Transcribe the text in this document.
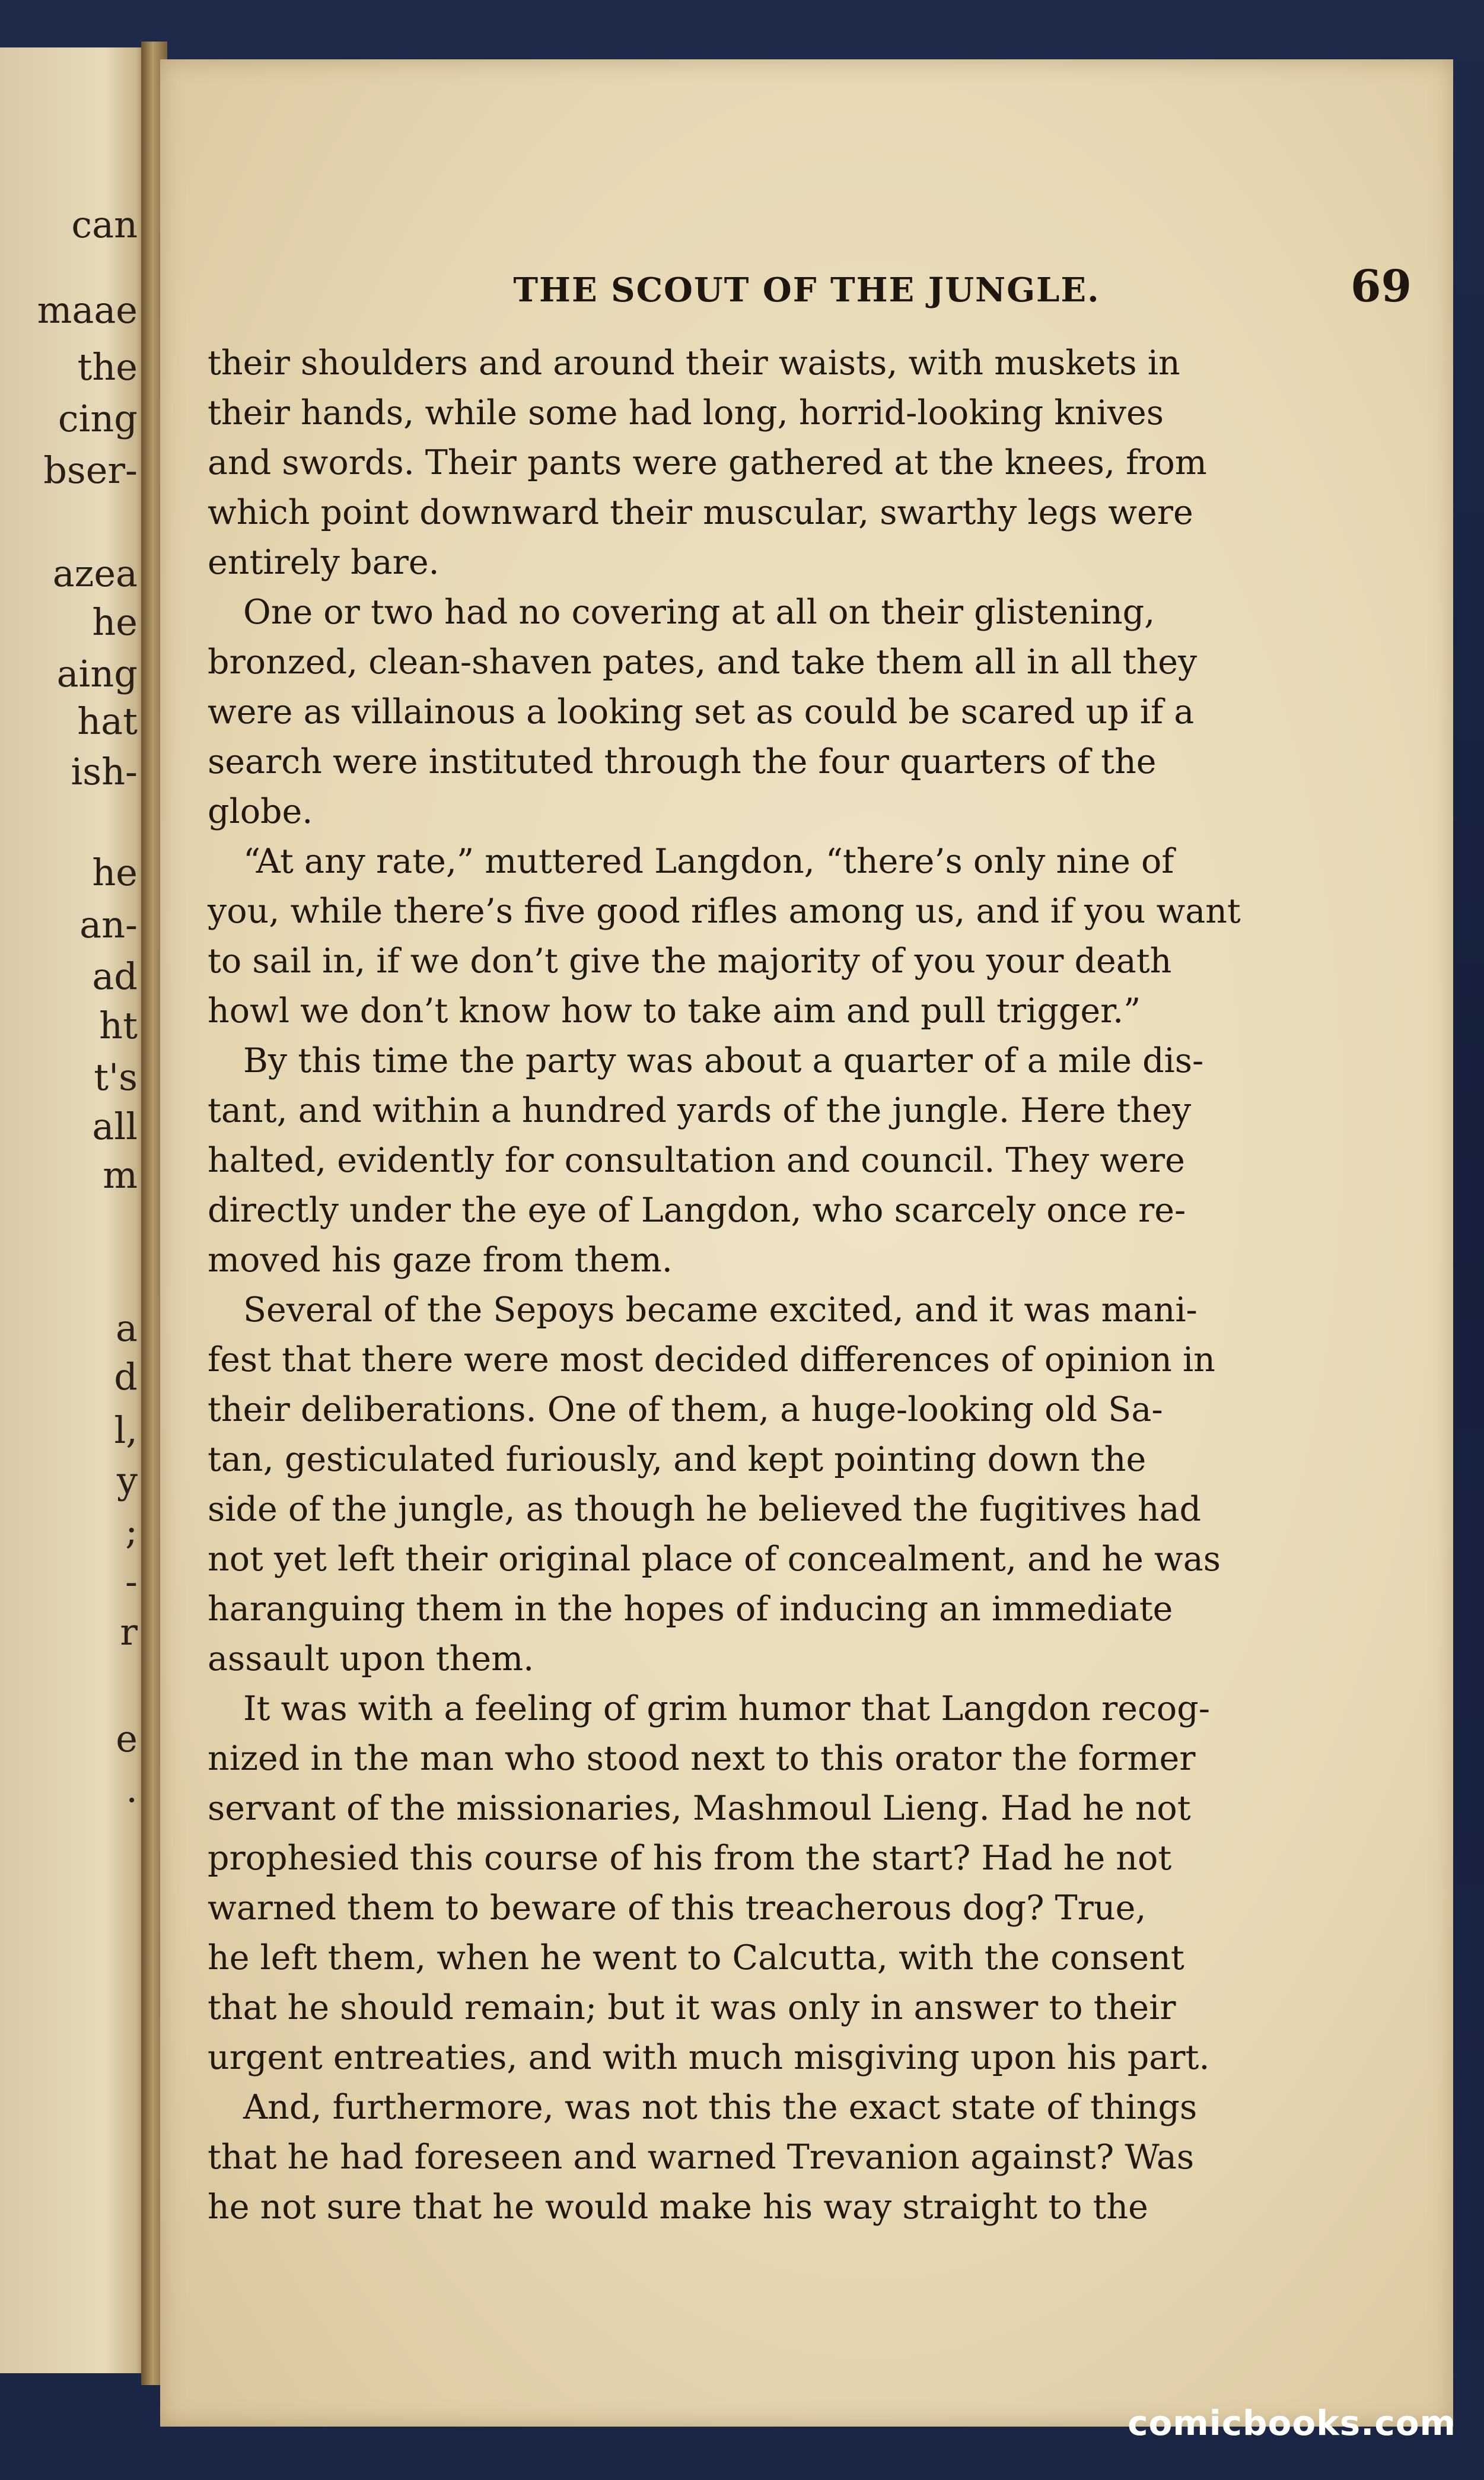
can

maae

the

cing

bser-

azea

he

aing

hat

ish-

he

an-

ad

ht

t's

all

m

a

d

l,

y

;

-

r

e

.

THE SCOUT OF THE JUNGLE.	69

their shoulders and around their waists, with muskets in

their hands, while some had long, horrid-looking knives

and swords. Their pants were gathered at the knees, from

which point downward their muscular, swarthy legs were

entirely bare.

One or two had no covering at all on their glistening,

bronzed, clean-shaven pates, and take them all in all they

were as villainous a looking set as could be scared up if a

search were instituted through the four quarters of the

globe.

“At any rate,” muttered Langdon, “there’s only nine of

you, while there’s five good rifles among us, and if you want

to sail in, if we don’t give the majority of you your death

howl we don’t know how to take aim and pull trigger.”

By this time the party was about a quarter of a mile dis-

tant, and within a hundred yards of the jungle. Here they

halted, evidently for consultation and council. They were

directly under the eye of Langdon, who scarcely once re-

moved his gaze from them.

Several of the Sepoys became excited, and it was mani-

fest that there were most decided differences of opinion in

their deliberations. One of them, a huge-looking old Sa-

tan, gesticulated furiously, and kept pointing down the

side of the jungle, as though he believed the fugitives had

not yet left their original place of concealment, and he was

haranguing them in the hopes of inducing an immediate

assault upon them.

It was with a feeling of grim humor that Langdon recog-

nized in the man who stood next to this orator the former

servant of the missionaries, Mashmoul Lieng. Had he not

prophesied this course of his from the start? Had he not

warned them to beware of this treacherous dog? True,

he left them, when he went to Calcutta, with the consent

that he should remain; but it was only in answer to their

urgent entreaties, and with much misgiving upon his part.

And, furthermore, was not this the exact state of things

that he had foreseen and warned Trevanion against? Was

he not sure that he would make his way straight to the

comicbooks.com
